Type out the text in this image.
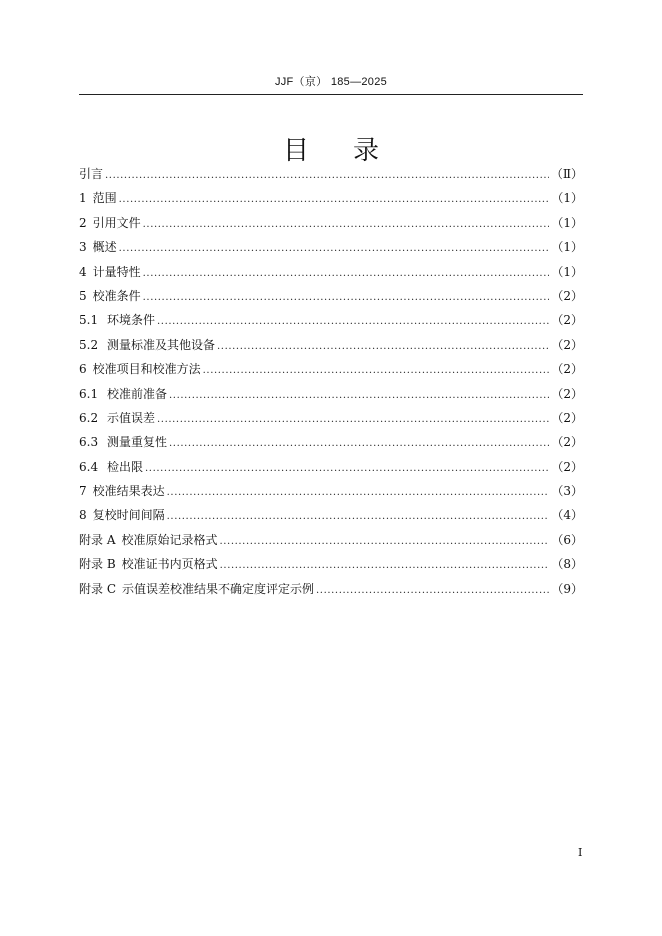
JJF（京） 185—2025
目 录
引言 .....	（Ⅱ）
1 范围 .....	（1）
2 引用文件 .....	（1）
3 概述 .....	（1）
4 计量特性 .....	（1）
5 校准条件 .....	（2）
5.1 环境条件 .....	（2）
5.2 测量标准及其他设备 .....	（2）
6 校准项目和校准方法 .....	（2）
6.1 校准前准备 .....	（2）
6.2 示值误差 .....	（2）
6.3 测量重复性 .....	（2）
6.4 检出限 .....	（2）
7 校准结果表达 .....	（3）
8 复校时间间隔 .....	（4）
附录 A 校准原始记录格式 .....	（6）
附录 B 校准证书内页格式 .....	（8）
附录 C 示值误差校准结果不确定度评定示例 .....	（9）
I
